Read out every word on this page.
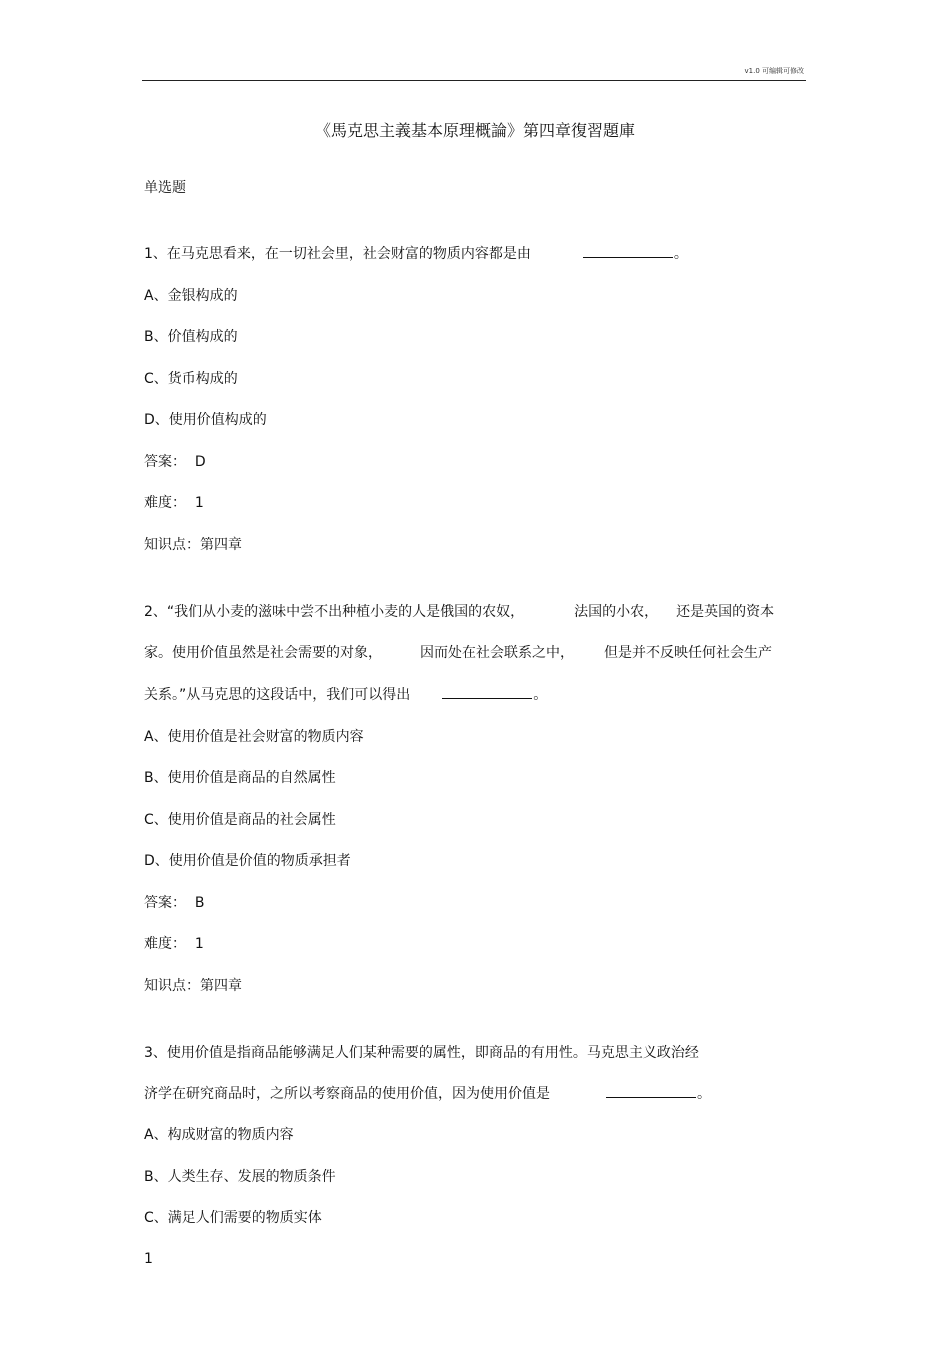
v1.0 可编辑可修改
《馬克思主義基本原理概論》第四章復習題庫
单选题
1、在马克思看来，在一切社会里，社会财富的物质内容都是由	。
A、金银构成的
B、价值构成的
C、货币构成的
D、使用价值构成的
答案：  D
难度：  1
知识点：第四章
2、“我们从小麦的滋味中尝不出种植小麦的人是俄国的农奴，	法国的小农， 还是英国的资本
家。使用价值虽然是社会需要的对象，	因而处在社会联系之中， 但是并不反映任何社会生产
关系。”从马克思的这段话中，我们可以得出	。
A、使用价值是社会财富的物质内容
B、使用价值是商品的自然属性
C、使用价值是商品的社会属性
D、使用价值是价值的物质承担者
答案：  B
难度：  1
知识点：第四章
3、使用价值是指商品能够满足人们某种需要的属性，即商品的有用性。马克思主义政治经
济学在研究商品时，之所以考察商品的使用价值，因为使用价值是	。
A、构成财富的物质内容
B、人类生存、发展的物质条件
C、满足人们需要的物质实体
1
